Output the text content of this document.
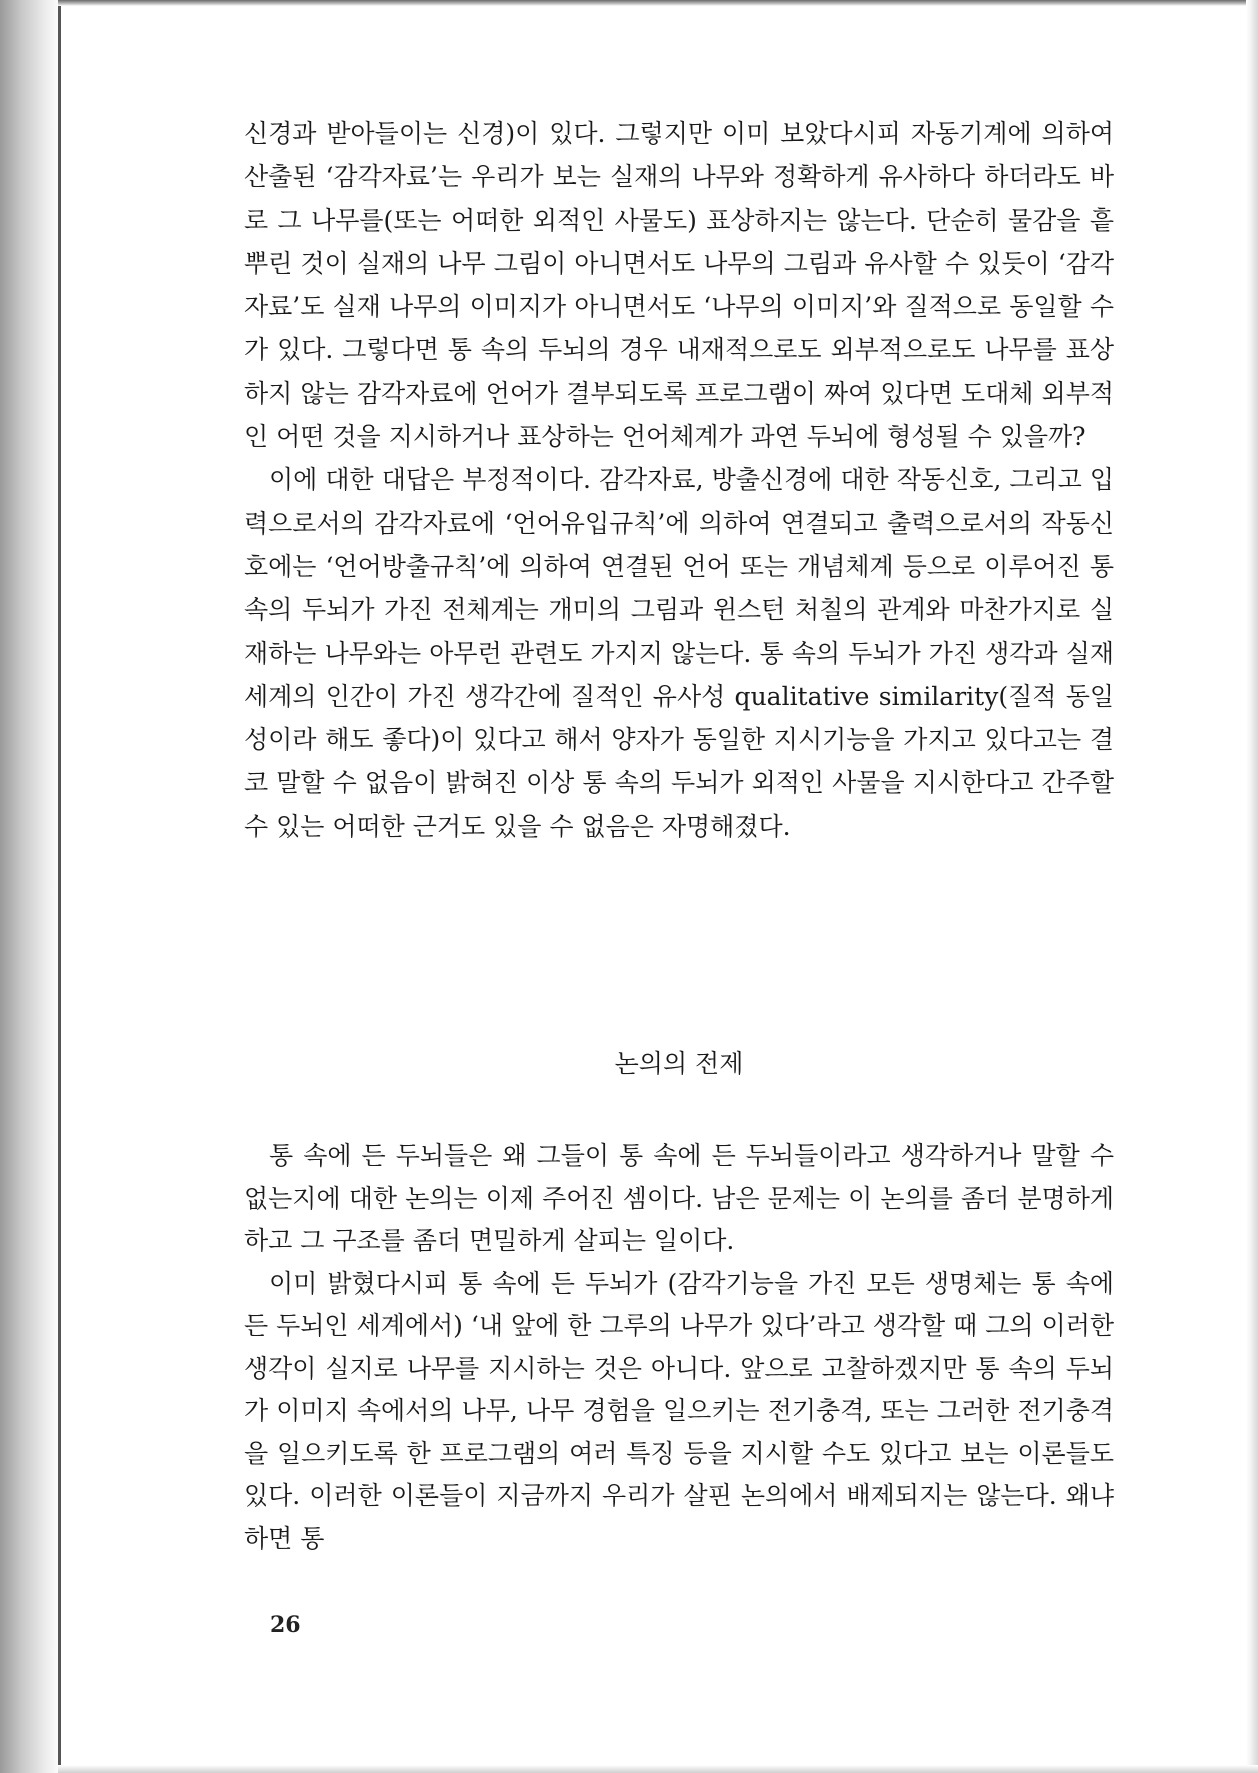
신경과 받아들이는 신경)이 있다. 그렇지만 이미 보았다시피 자동기계에 의하여 산출된 ‘감각자료’는 우리가 보는 실재의 나무와 정확하게 유사하다 하더라도 바로 그 나무를(또는 어떠한 외적인 사물도) 표상하지는 않는다. 단순히 물감을 흩뿌린 것이 실재의 나무 그림이 아니면서도 나무의 그림과 유사할 수 있듯이 ‘감각자료’도 실재 나무의 이미지가 아니면서도 ‘나무의 이미지’와 질적으로 동일할 수가 있다. 그렇다면 통 속의 두뇌의 경우 내재적으로도 외부적으로도 나무를 표상하지 않는 감각자료에 언어가 결부되도록 프로그램이 짜여 있다면 도대체 외부적인 어떤 것을 지시하거나 표상하는 언어체계가 과연 두뇌에 형성될 수 있을까?

이에 대한 대답은 부정적이다. 감각자료, 방출신경에 대한 작동신호, 그리고 입력으로서의 감각자료에 ‘언어유입규칙’에 의하여 연결되고 출력으로서의 작동신호에는 ‘언어방출규칙’에 의하여 연결된 언어 또는 개념체계 등으로 이루어진 통 속의 두뇌가 가진 전체계는 개미의 그림과 윈스턴 처칠의 관계와 마찬가지로 실재하는 나무와는 아무런 관련도 가지지 않는다. 통 속의 두뇌가 가진 생각과 실재세계의 인간이 가진 생각간에 질적인 유사성 qualitative similarity(질적 동일성이라 해도 좋다)이 있다고 해서 양자가 동일한 지시기능을 가지고 있다고는 결코 말할 수 없음이 밝혀진 이상 통 속의 두뇌가 외적인 사물을 지시한다고 간주할 수 있는 어떠한 근거도 있을 수 없음은 자명해졌다.

논의의 전제

통 속에 든 두뇌들은 왜 그들이 통 속에 든 두뇌들이라고 생각하거나 말할 수 없는지에 대한 논의는 이제 주어진 셈이다. 남은 문제는 이 논의를 좀더 분명하게 하고 그 구조를 좀더 면밀하게 살피는 일이다.

이미 밝혔다시피 통 속에 든 두뇌가 (감각기능을 가진 모든 생명체는 통 속에 든 두뇌인 세계에서) ‘내 앞에 한 그루의 나무가 있다’라고 생각할 때 그의 이러한 생각이 실지로 나무를 지시하는 것은 아니다. 앞으로 고찰하겠지만 통 속의 두뇌가 이미지 속에서의 나무, 나무 경험을 일으키는 전기충격, 또는 그러한 전기충격을 일으키도록 한 프로그램의 여러 특징 등을 지시할 수도 있다고 보는 이론들도 있다. 이러한 이론들이 지금까지 우리가 살핀 논의에서 배제되지는 않는다. 왜냐하면 통

26
